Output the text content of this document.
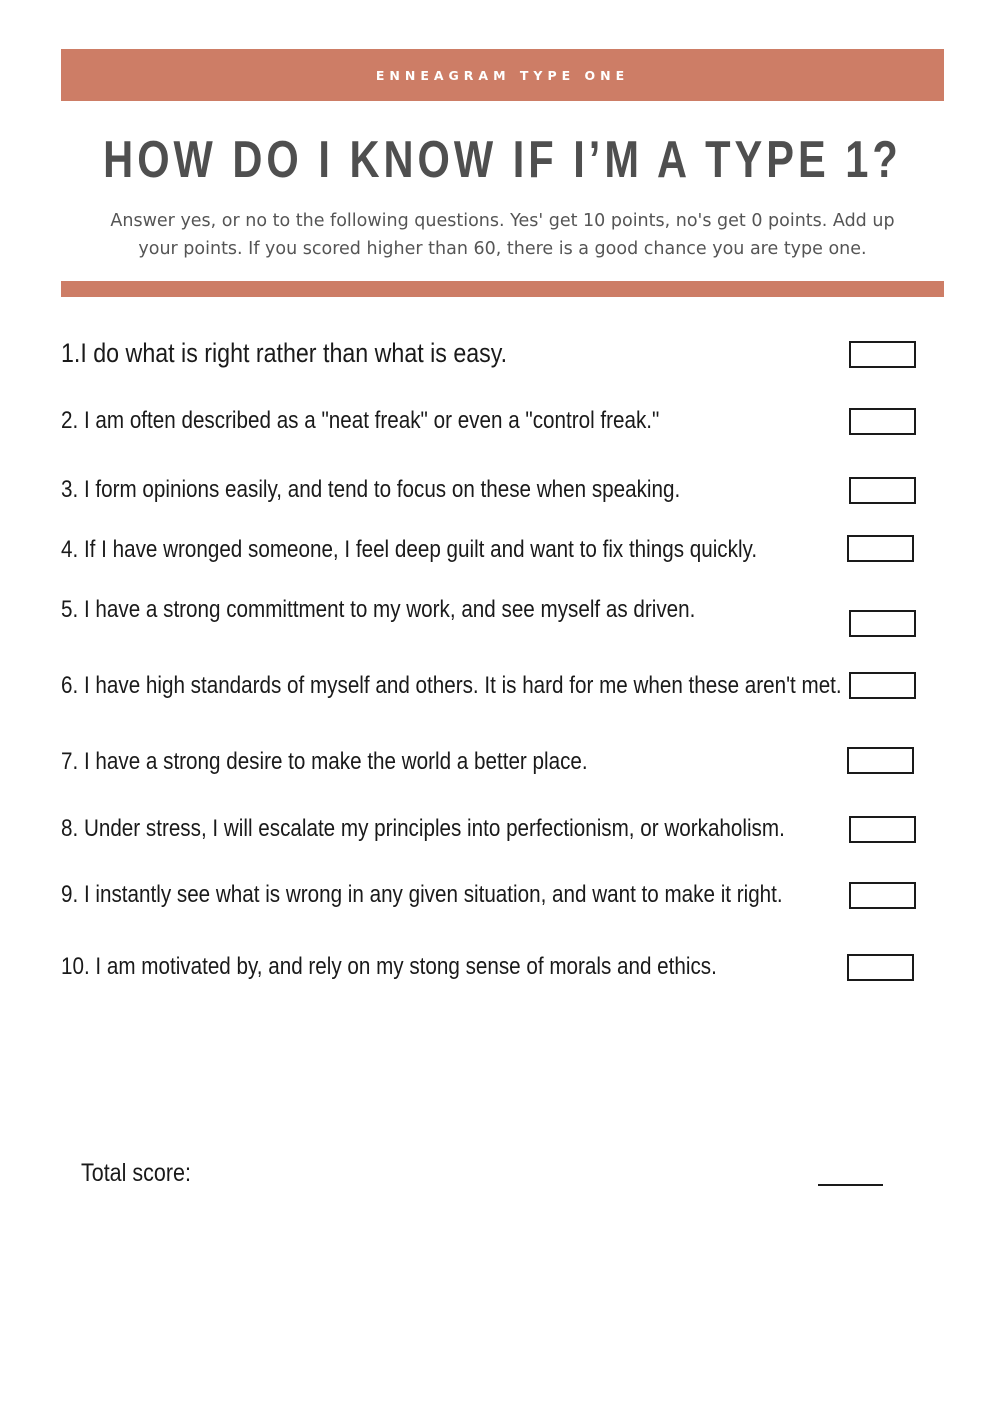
ENNEAGRAM TYPE ONE
HOW DO I KNOW IF I’M A TYPE 1?
Answer yes, or no to the following questions. Yes' get 10 points, no's get 0 points. Add up your points. If you scored higher than 60, there is a good chance you are type one.
1.I do what is right rather than what is easy.
2. I am often described as a "neat freak" or even a "control freak."
3. I form opinions easily, and tend to focus on these when speaking.
4. If I have wronged someone, I feel deep guilt and want to fix things quickly.
5. I have a strong committment to my work, and see myself as driven.
6. I have high standards of myself and others. It is hard for me when these aren't met.
7. I have a strong desire to make the world a better place.
8. Under stress, I will escalate my principles into perfectionism, or workaholism.
9. I instantly see what is wrong in any given situation, and want to make it right.
10. I am motivated by, and rely on my stong sense of morals and ethics.
Total score:
